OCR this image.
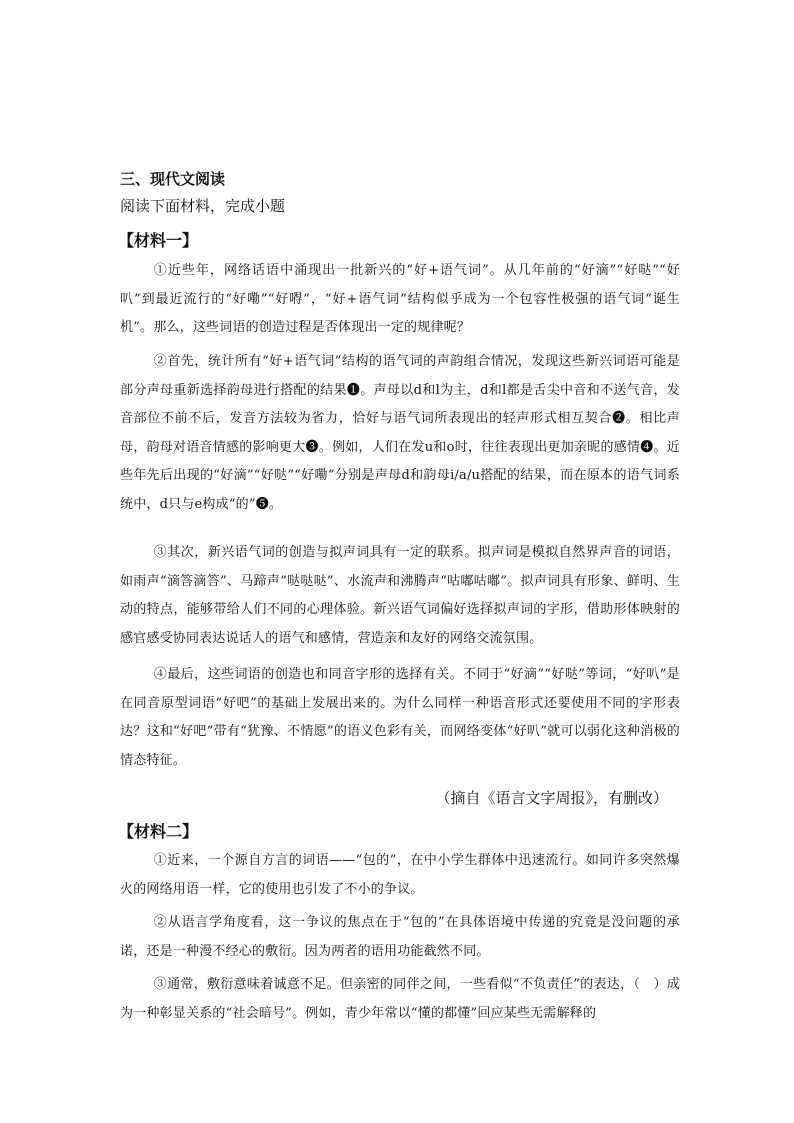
三、现代文阅读
阅读下面材料，完成小题
【材料一】
①近些年，网络话语中涌现出一批新兴的“好+语气词”。从几年前的“好滴”“好哒”“好叭”到最近流行的“好嘞”“好嘚”，“好+语气词”结构似乎成为一个包容性极强的语气词“诞生机”。那么，这些词语的创造过程是否体现出一定的规律呢？
②首先，统计所有“好+语气词”结构的语气词的声韵组合情况，发现这些新兴词语可能是部分声母重新选择韵母进行搭配的结果❶。声母以d和l为主，d和l都是舌尖中音和不送气音，发音部位不前不后，发音方法较为省力，恰好与语气词所表现出的轻声形式相互契合❷。相比声母，韵母对语音情感的影响更大❸。例如，人们在发u和o时，往往表现出更加亲昵的感情❹。近些年先后出现的“好滴”“好哒”“好嘞”分别是声母d和韵母i/a/u搭配的结果，而在原本的语气词系统中，d只与e构成“的”❺。
③其次，新兴语气词的创造与拟声词具有一定的联系。拟声词是模拟自然界声音的词语，如雨声“滴答滴答”、马蹄声“哒哒哒”、水流声和沸腾声“咕嘟咕嘟”。拟声词具有形象、鲜明、生动的特点，能够带给人们不同的心理体验。新兴语气词偏好选择拟声词的字形，借助形体映射的感官感受协同表达说话人的语气和感情，营造亲和友好的网络交流氛围。
④最后，这些词语的创造也和同音字形的选择有关。不同于“好滴”“好哒”等词，“好叭”是在同音原型词语“好吧”的基础上发展出来的。为什么同样一种语音形式还要使用不同的字形表达？这和“好吧”带有“犹豫、不情愿”的语义色彩有关，而网络变体“好叭”就可以弱化这种消极的情态特征。
（摘自《语言文字周报》，有删改）
【材料二】
①近来，一个源自方言的词语——“包的”，在中小学生群体中迅速流行。如同许多突然爆火的网络用语一样，它的使用也引发了不小的争议。
②从语言学角度看，这一争议的焦点在于“包的”在具体语境中传递的究竟是没问题的承诺，还是一种漫不经心的敷衍。因为两者的语用功能截然不同。
③通常，敷衍意味着诚意不足。但亲密的同伴之间，一些看似“不负责任”的表达，（　）成为一种彰显关系的“社会暗号”。例如，青少年常以“懂的都懂”回应某些无需解释的
